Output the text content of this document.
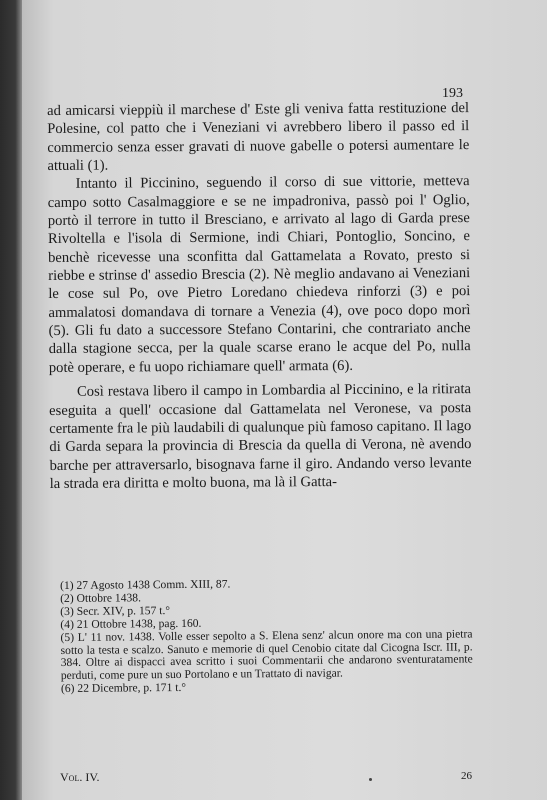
193

ad amicarsi vieppiù il marchese d' Este gli veniva fatta restituzione del Polesine, col patto che i Veneziani vi avrebbero libero il passo ed il commercio senza esser gravati di nuove gabelle o potersi aumentare le attuali (1).

Intanto il Piccinino, seguendo il corso di sue vittorie, metteva campo sotto Casalmaggiore e se ne impadroniva, passò poi l' Oglio, portò il terrore in tutto il Bresciano, e arrivato al lago di Garda prese Rivoltella e l'isola di Sermione, indi Chiari, Pontoglio, Soncino, e benchè ricevesse una sconfitta dal Gattamelata a Rovato, presto si riebbe e strinse d' assedio Brescia (2). Nè meglio andavano ai Veneziani le cose sul Po, ove Pietro Loredano chiedeva rinforzi (3) e poi ammalatosi domandava di tornare a Venezia (4), ove poco dopo morì (5). Gli fu dato a successore Stefano Contarini, che contrariato anche dalla stagione secca, per la quale scarse erano le acque del Po, nulla potè operare, e fu uopo richiamare quell' armata (6).

Così restava libero il campo in Lombardia al Piccinino, e la ritirata eseguita a quell' occasione dal Gattamelata nel Veronese, va posta certamente fra le più laudabili di qualunque più famoso capitano. Il lago di Garda separa la provincia di Brescia da quella di Verona, nè avendo barche per attraversarlo, bisognava farne il giro. Andando verso levante la strada era diritta e molto buona, ma là il Gatta-

(1) 27 Agosto 1438 Comm. XIII, 87.

(2) Ottobre 1438.

(3) Secr. XIV, p. 157 t.°

(4) 21 Ottobre 1438, pag. 160.

(5) L' 11 nov. 1438. Volle esser sepolto a S. Elena senz' alcun onore ma con una pietra sotto la testa e scalzo. Sanuto e memorie di quel Cenobio citate dal Cicogna Iscr. III, p. 384. Oltre ai dispacci avea scritto i suoi Commentarii che andarono sventuratamente perduti, come pure un suo Portolano e un Trattato di navigar.

(6) 22 Dicembre, p. 171 t.°

Vol. IV.	26
